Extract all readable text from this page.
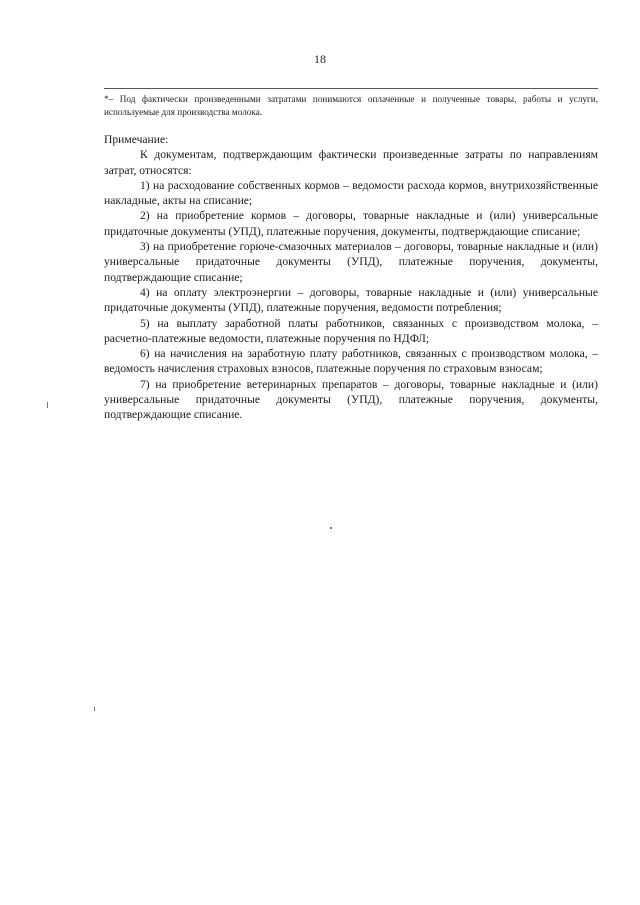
18
*– Под фактически произведенными затратами понимаются оплаченные и полученные товары, работы и услуги, используемые для производства молока.

Примечание:

К документам, подтверждающим фактически произведенные затраты по направлениям затрат, относятся:

1) на расходование собственных кормов – ведомости расхода кормов, внутрихозяйственные накладные, акты на списание;

2) на приобретение кормов – договоры, товарные накладные и (или) универсальные придаточные документы (УПД), платежные поручения, документы, подтверждающие списание;

3) на приобретение горюче-смазочных материалов – договоры, товарные накладные и (или) универсальные придаточные документы (УПД), платежные поручения, документы, подтверждающие списание;

4) на оплату электроэнергии – договоры, товарные накладные и (или) универсальные придаточные документы (УПД), платежные поручения, ведомости потребления;

5) на выплату заработной платы работников, связанных с производством молока, – расчетно-платежные ведомости, платежные поручения по НДФЛ;

6) на начисления на заработную плату работников, связанных с производством молока, – ведомость начисления страховых взносов, платежные поручения по страховым взносам;

7) на приобретение ветеринарных препаратов – договоры, товарные накладные и (или) универсальные придаточные документы (УПД), платежные поручения, документы, подтверждающие списание.
